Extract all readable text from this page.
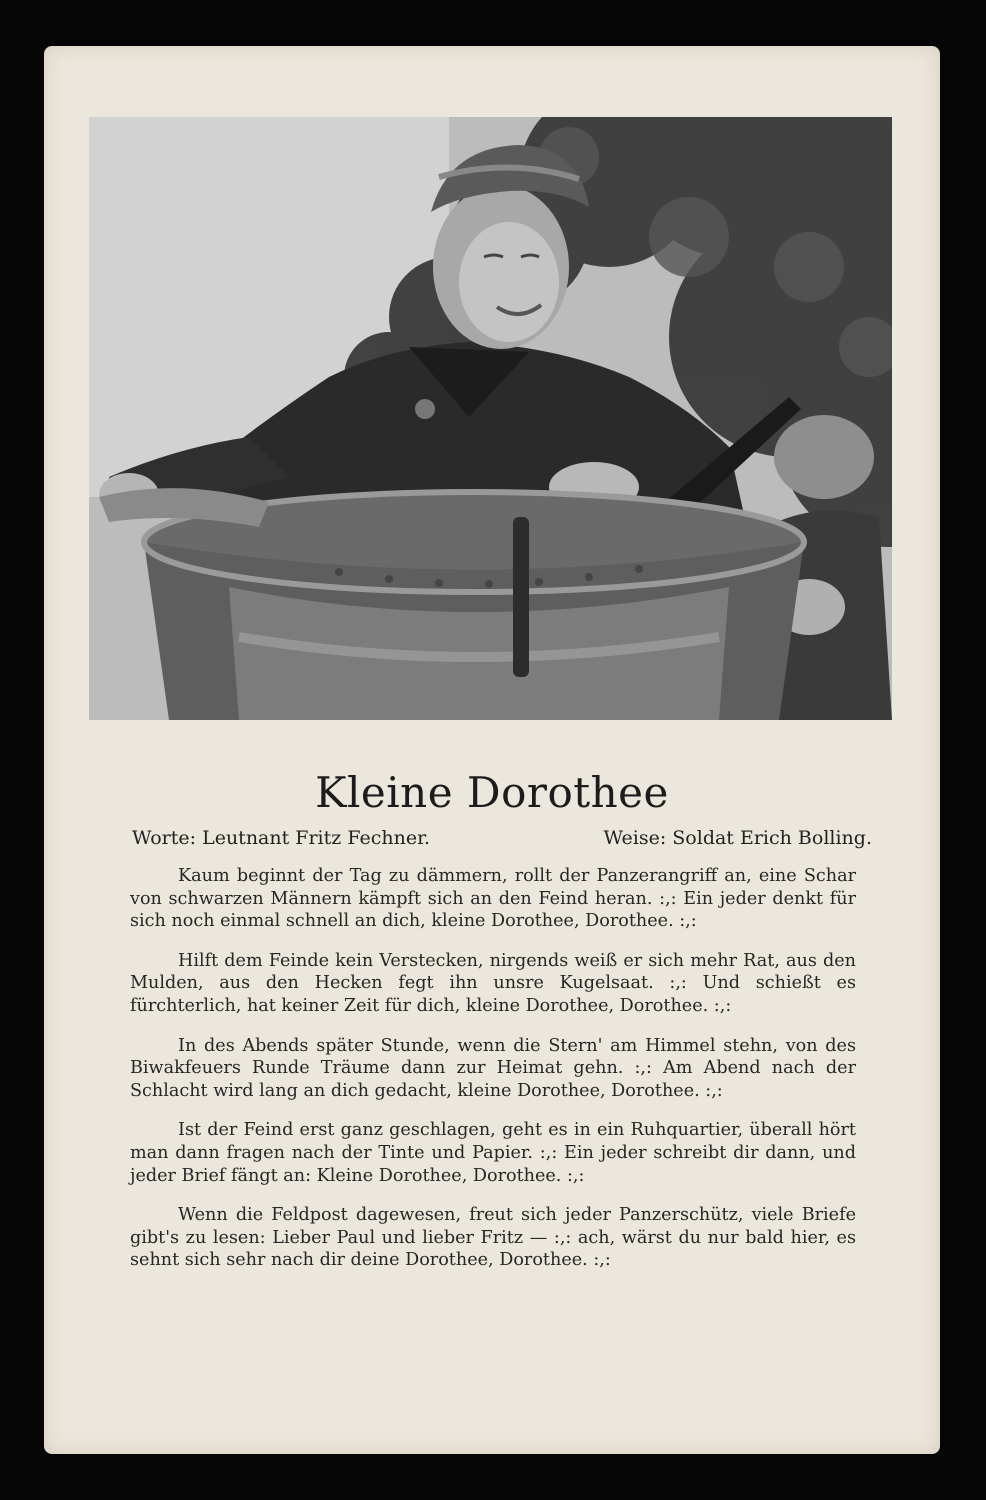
Kleine Dorothee
Worte: Leutnant Fritz Fechner.	Weise: Soldat Erich Bolling.

Kaum beginnt der Tag zu dämmern, rollt der Panzerangriff an, eine Schar von schwarzen Männern kämpft sich an den Feind heran. :,: Ein jeder denkt für sich noch einmal schnell an dich, kleine Dorothee, Dorothee. :,:

Hilft dem Feinde kein Verstecken, nirgends weiß er sich mehr Rat, aus den Mulden, aus den Hecken fegt ihn unsre Kugelsaat. :,: Und schießt es fürchterlich, hat keiner Zeit für dich, kleine Dorothee, Dorothee. :,:

In des Abends später Stunde, wenn die Stern' am Himmel stehn, von des Biwakfeuers Runde Träume dann zur Heimat gehn. :,: Am Abend nach der Schlacht wird lang an dich gedacht, kleine Dorothee, Dorothee. :,:

Ist der Feind erst ganz geschlagen, geht es in ein Ruhquartier, überall hört man dann fragen nach der Tinte und Papier. :,: Ein jeder schreibt dir dann, und jeder Brief fängt an: Kleine Dorothee, Dorothee. :,:

Wenn die Feldpost dagewesen, freut sich jeder Panzerschütz, viele Briefe gibt's zu lesen: Lieber Paul und lieber Fritz — :,: ach, wärst du nur bald hier, es sehnt sich sehr nach dir deine Dorothee, Dorothee. :,:
